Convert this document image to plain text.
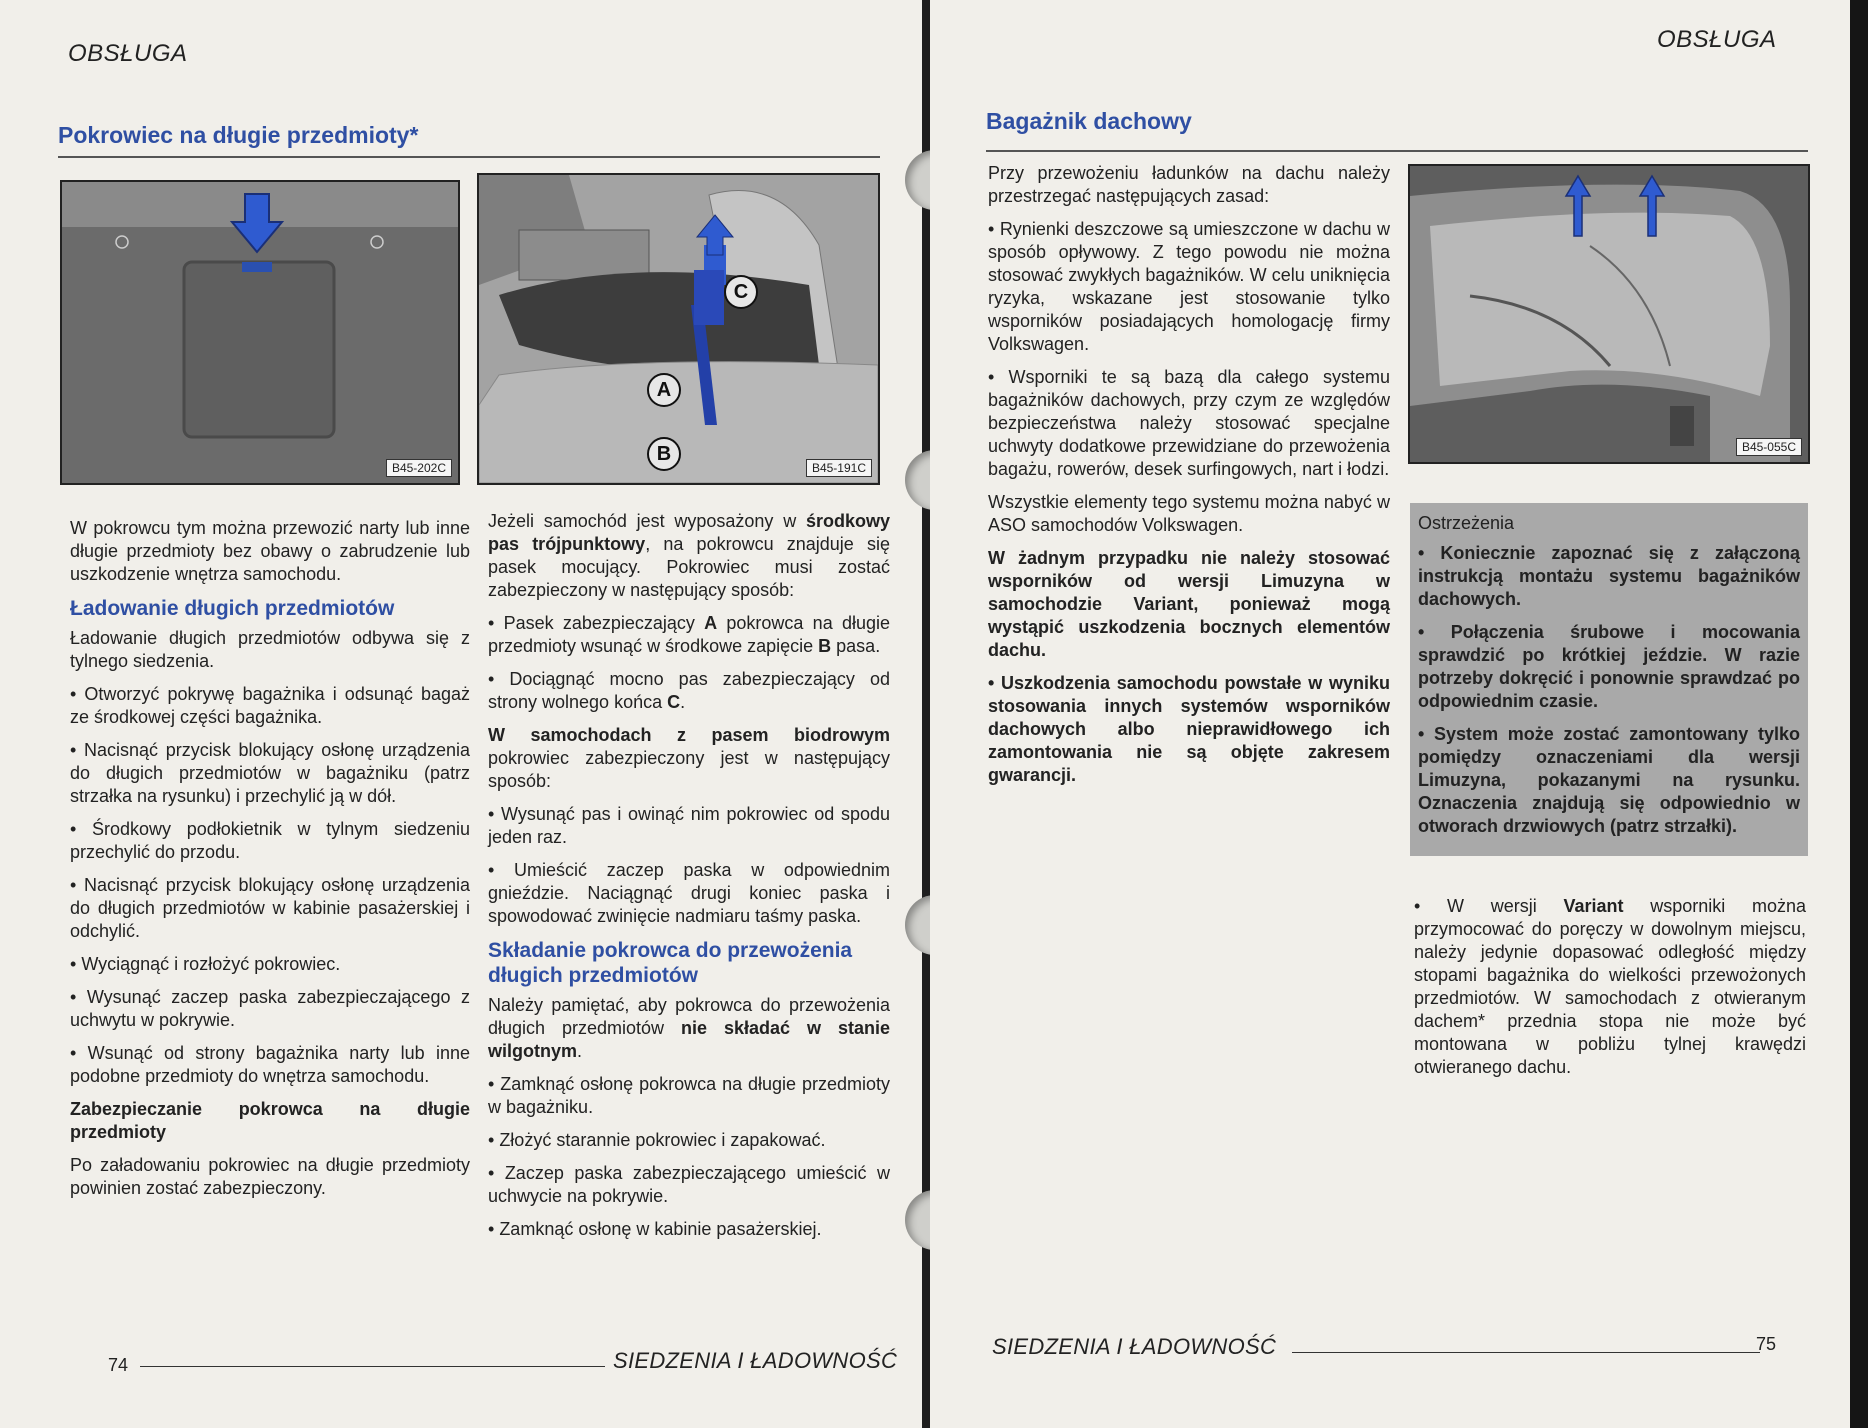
OBSŁUGA
Pokrowiec na długie przedmioty*
B45-202C
C
A
B
B45-191C

W pokrowcu tym można przewozić narty lub inne długie przedmioty bez obawy o zabrudzenie lub uszkodzenie wnętrza samochodu.

Ładowanie długich przedmiotów

Ładowanie długich przedmiotów odbywa się z tylnego siedzenia.

• Otworzyć pokrywę bagażnika i odsunąć bagaż ze środkowej części bagażnika.

• Nacisnąć przycisk blokujący osłonę urządzenia do długich przedmiotów w bagażniku (patrz strzałka na rysunku) i przechylić ją w dół.

• Środkowy podłokietnik w tylnym siedzeniu przechylić do przodu.

• Nacisnąć przycisk blokujący osłonę urządzenia do długich przedmiotów w kabinie pasażerskiej i odchylić.

• Wyciągnąć i rozłożyć pokrowiec.

• Wysunąć zaczep paska zabezpieczającego z uchwytu w pokrywie.

• Wsunąć od strony bagażnika narty lub inne podobne przedmioty do wnętrza samochodu.

Zabezpieczanie pokrowca na długie przedmioty

Po załadowaniu pokrowiec na długie przedmioty powinien zostać zabezpieczony.

Jeżeli samochód jest wyposażony w środkowy pas trójpunktowy, na pokrowcu znajduje się pasek mocujący. Pokrowiec musi zostać zabezpieczony w następujący sposób:

• Pasek zabezpieczający A pokrowca na długie przedmioty wsunąć w środkowe zapięcie B pasa.

• Dociągnąć mocno pas zabezpieczający od strony wolnego końca C.

W samochodach z pasem biodrowym pokrowiec zabezpieczony jest w następujący sposób:

• Wysunąć pas i owinąć nim pokrowiec od spodu jeden raz.

• Umieścić zaczep paska w odpowiednim gnieździe. Naciągnąć drugi koniec paska i spowodować zwinięcie nadmiaru taśmy paska.

Składanie pokrowca do przewożenia długich przedmiotów

Należy pamiętać, aby pokrowca do przewożenia długich przedmiotów nie składać w stanie wilgotnym.

• Zamknąć osłonę pokrowca na długie przedmioty w bagażniku.

• Złożyć starannie pokrowiec i zapakować.

• Zaczep paska zabezpieczającego umieścić w uchwycie na pokrywie.

• Zamknąć osłonę w kabinie pasażerskiej.

74	SIEDZENIA I ŁADOWNOŚĆ
OBSŁUGA
Bagażnik dachowy

Przy przewożeniu ładunków na dachu należy przestrzegać następujących zasad:

• Rynienki deszczowe są umieszczone w dachu w sposób opływowy. Z tego powodu nie można stosować zwykłych bagażników. W celu uniknięcia ryzyka, wskazane jest stosowanie tylko wsporników posiadających homologację firmy Volkswagen.

• Wsporniki te są bazą dla całego systemu bagażników dachowych, przy czym ze względów bezpieczeństwa należy stosować specjalne uchwyty dodatkowe przewidziane do przewożenia bagażu, rowerów, desek surfingowych, nart i łodzi.

Wszystkie elementy tego systemu można nabyć w ASO samochodów Volkswagen.

W żadnym przypadku nie należy stosować wsporników od wersji Limuzyna w samochodzie Variant, ponieważ mogą wystąpić uszkodzenia bocznych elementów dachu.

• Uszkodzenia samochodu powstałe w wyniku stosowania innych systemów wsporników dachowych albo nieprawidłowego ich zamontowania nie są objęte zakresem gwarancji.

B45-055C
Ostrzeżenia

• Koniecznie zapoznać się z załączoną instrukcją montażu systemu bagażników dachowych.

• Połączenia śrubowe i mocowania sprawdzić po krótkiej jeździe. W razie potrzeby dokręcić i ponownie sprawdzać po odpowiednim czasie.

• System może zostać zamontowany tylko pomiędzy oznaczeniami dla wersji Limuzyna, pokazanymi na rysunku. Oznaczenia znajdują się odpowiednio w otworach drzwiowych (patrz strzałki).

• W wersji Variant wsporniki można przymocować do poręczy w dowolnym miejscu, należy jedynie dopasować odległość między stopami bagażnika do wielkości przewożonych przedmiotów. W samochodach z otwieranym dachem* przednia stopa nie może być montowana w pobliżu tylnej krawędzi otwieranego dachu.

SIEDZENIA I ŁADOWNOŚĆ	75
